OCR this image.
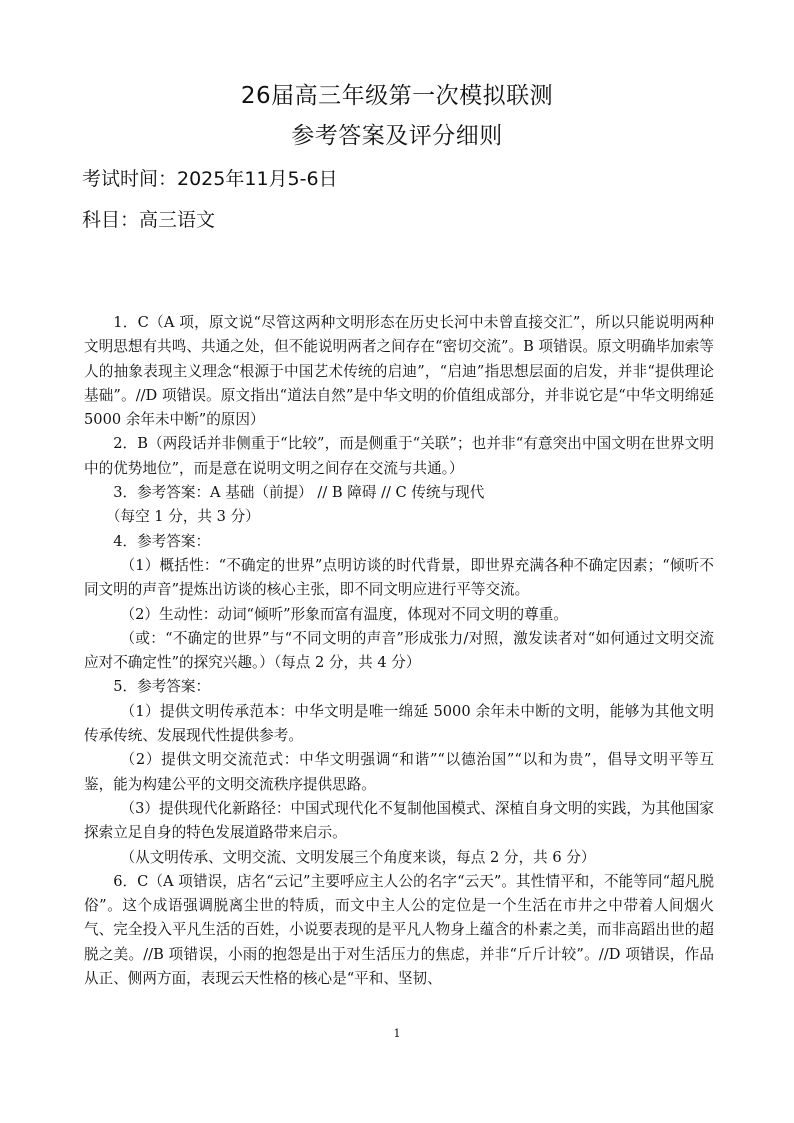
26届高三年级第一次模拟联测
参考答案及评分细则
考试时间：2025年11月5-6日
科目：高三语文

1．C（A 项，原文说“尽管这两种文明形态在历史长河中未曾直接交汇”，所以只能说明两种文明思想有共鸣、共通之处，但不能说明两者之间存在“密切交流”。B 项错误。原文明确毕加索等人的抽象表现主义理念“根源于中国艺术传统的启迪”，“启迪”指思想层面的启发，并非“提供理论基础”。//D 项错误。原文指出“道法自然”是中华文明的价值组成部分，并非说它是“中华文明绵延 5000 余年未中断”的原因）

2．B（两段话并非侧重于“比较”，而是侧重于“关联”；也并非“有意突出中国文明在世界文明中的优势地位”，而是意在说明文明之间存在交流与共通。）

3．参考答案：A 基础（前提） // B 障碍 // C 传统与现代

（每空 1 分，共 3 分）

4．参考答案：

（1）概括性：“不确定的世界”点明访谈的时代背景，即世界充满各种不确定因素；“倾听不同文明的声音”提炼出访谈的核心主张，即不同文明应进行平等交流。

（2）生动性：动词“倾听”形象而富有温度，体现对不同文明的尊重。

（或：“不确定的世界”与“不同文明的声音”形成张力/对照，激发读者对“如何通过文明交流应对不确定性”的探究兴趣。）（每点 2 分，共 4 分）

5．参考答案：

（1）提供文明传承范本：中华文明是唯一绵延 5000 余年未中断的文明，能够为其他文明传承传统、发展现代性提供参考。

（2）提供文明交流范式：中华文明强调“和谐”“以德治国”“以和为贵”，倡导文明平等互鉴，能为构建公平的文明交流秩序提供思路。

（3）提供现代化新路径：中国式现代化不复制他国模式、深植自身文明的实践，为其他国家探索立足自身的特色发展道路带来启示。

（从文明传承、文明交流、文明发展三个角度来谈，每点 2 分，共 6 分）

6．C（A 项错误，店名“云记”主要呼应主人公的名字“云天”。其性情平和，不能等同“超凡脱俗”。这个成语强调脱离尘世的特质，而文中主人公的定位是一个生活在市井之中带着人间烟火气、完全投入平凡生活的百姓，小说要表现的是平凡人物身上蕴含的朴素之美，而非高蹈出世的超脱之美。//B 项错误，小雨的抱怨是出于对生活压力的焦虑，并非“斤斤计较”。//D 项错误，作品从正、侧两方面，表现云天性格的核心是“平和、坚韧、

1
